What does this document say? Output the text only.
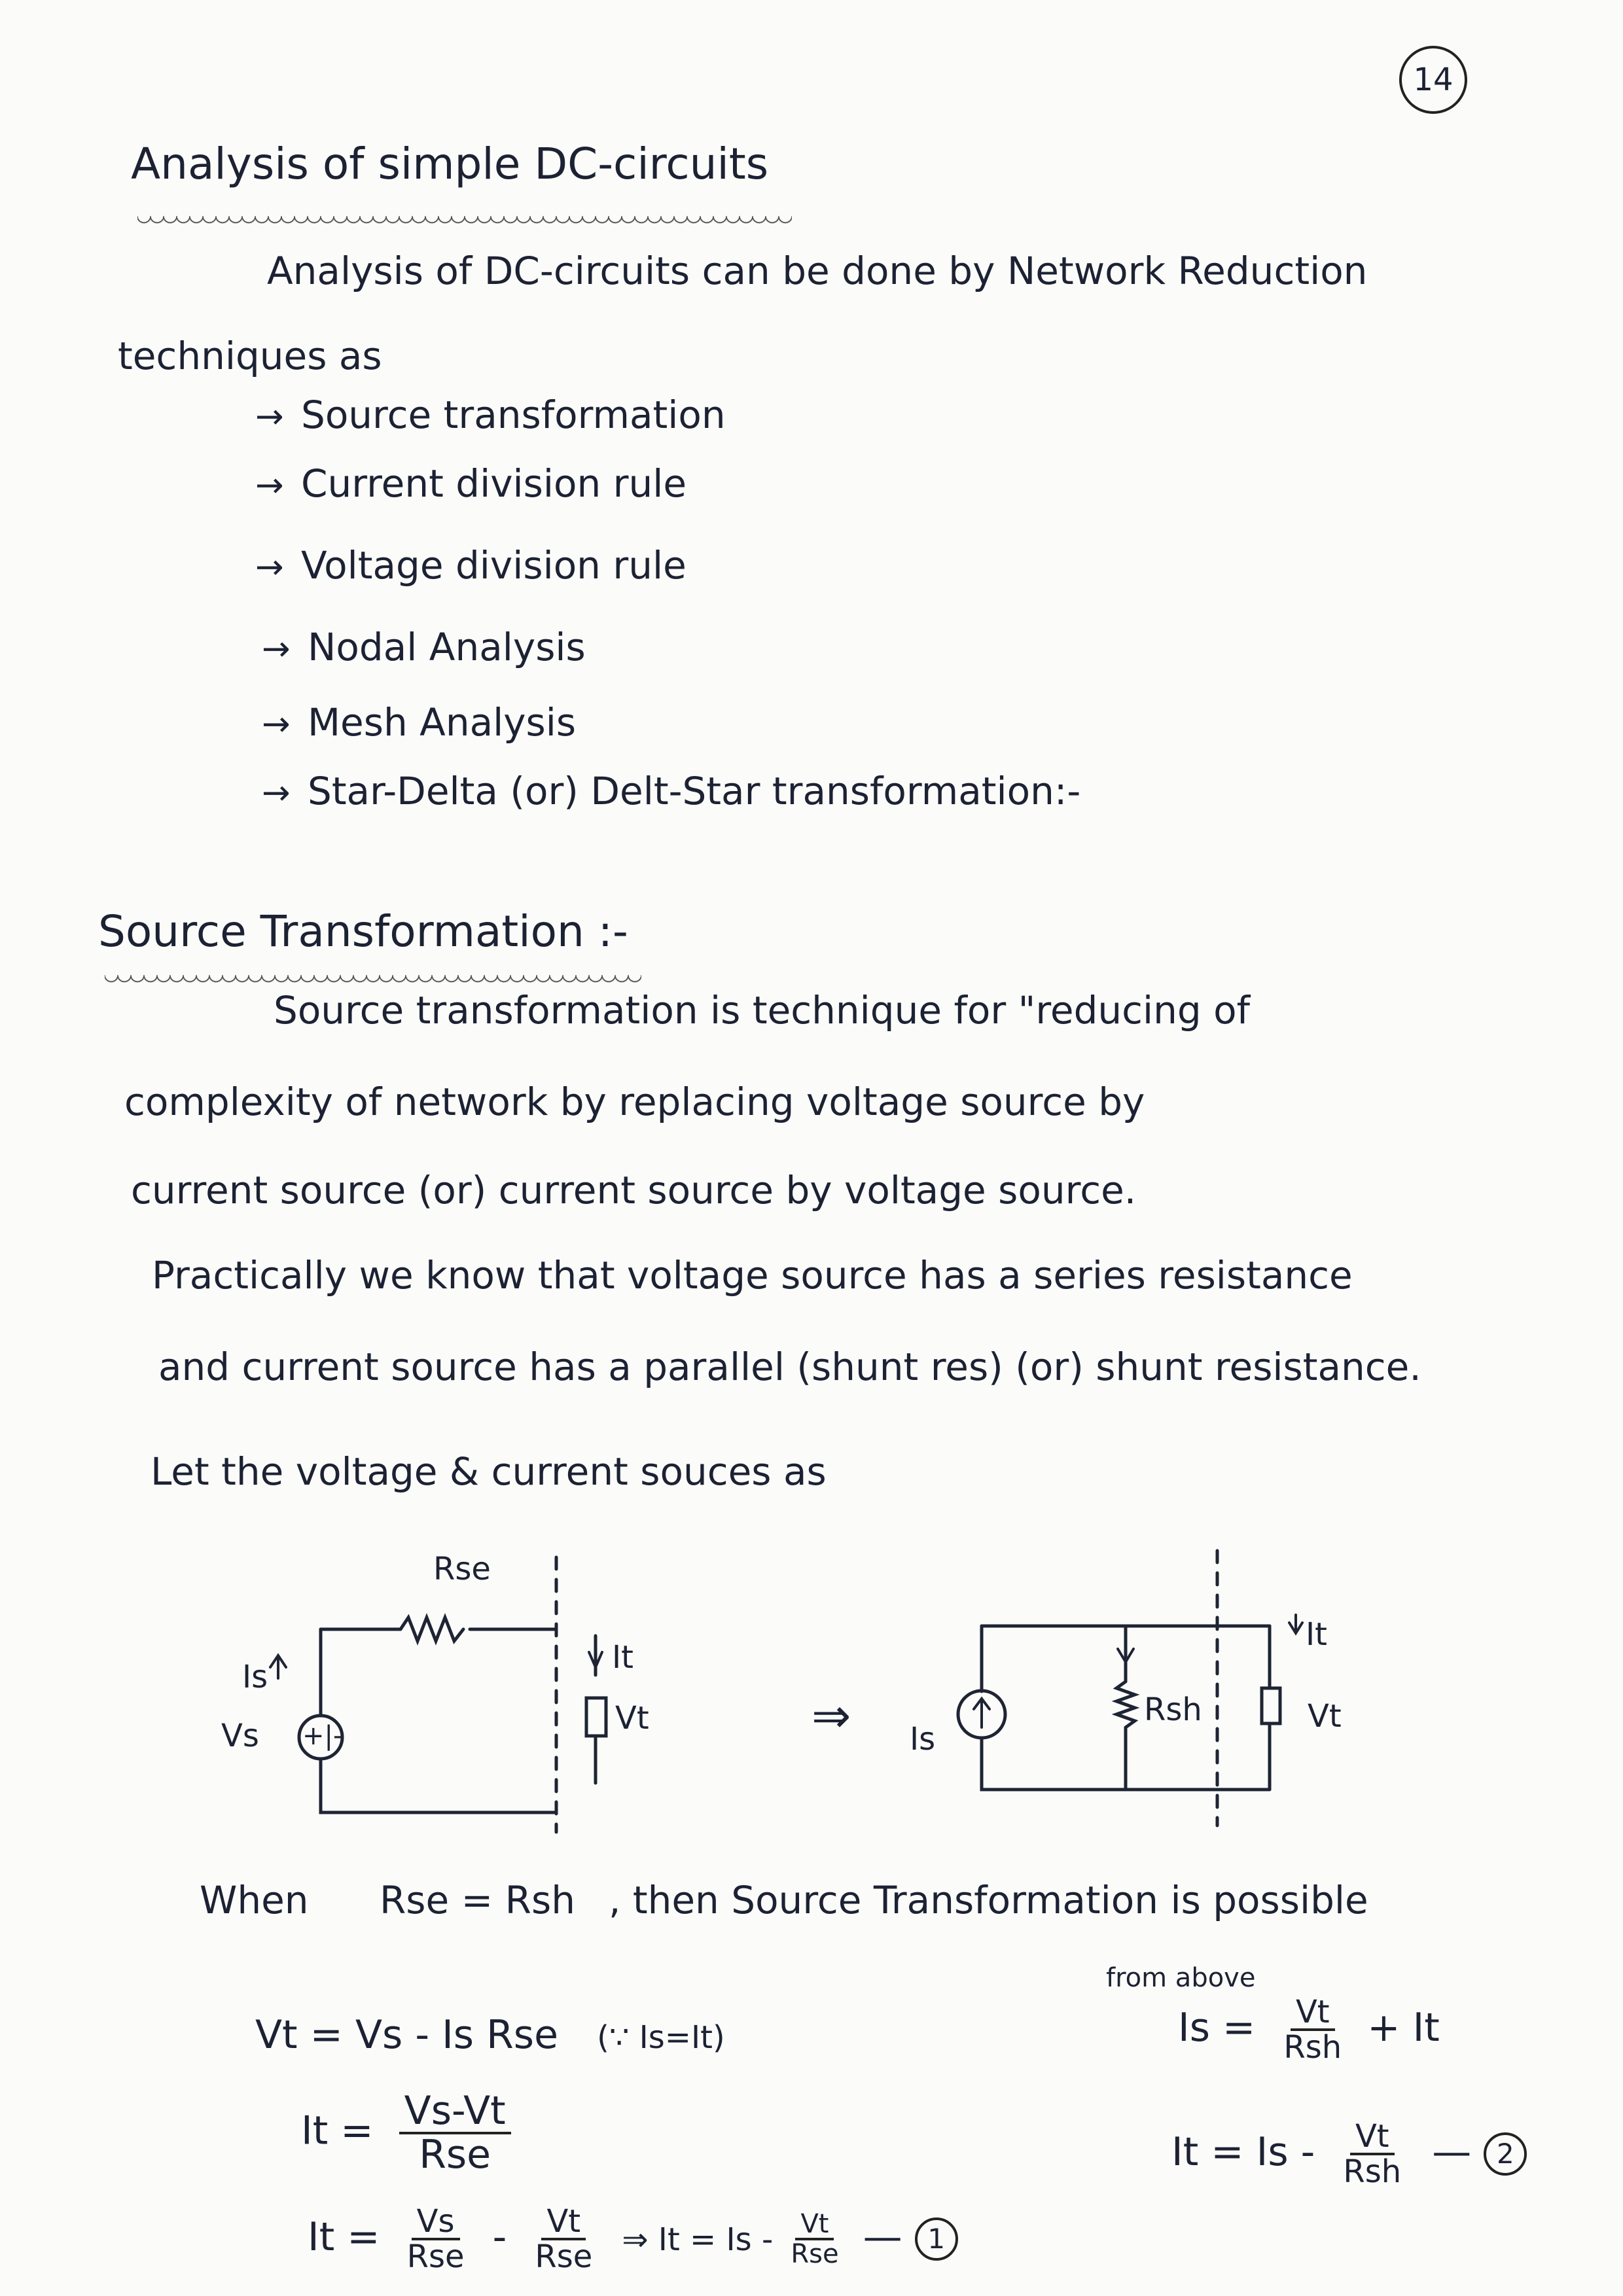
14
Analysis of simple DC-circuits
Analysis of DC-circuits can be done by Network Reduction
techniques as
→ Source transformation
→ Current division rule
→ Voltage division rule
→ Nodal Analysis
→ Mesh Analysis
→ Star-Delta (or) Delt-Star transformation:-
Source Transformation :-
Source transformation is technique for "reducing of
complexity of network by replacing voltage source by
current source (or) current source by voltage source.
Practically we know that voltage source has a series resistance
and current source has a parallel (shunt res) (or) shunt resistance.
Let the voltage & current souces as
Rse
Is
Vs +|-
It
Vt	⇒ Is
Rsh
It
Vt
When Rse = Rsh , then Source Transformation is possible
Vt = Vs - Is Rse (∵ Is=It)
$It = \frac{Vs-Vt}{\text{Rse}}$
$It = \frac{Vs}{\text{Rse}} - \frac{Vt}{\text{Rse}}$ ⇒ $It = Is - \frac{Vt}{\text{Rse}}$ — 1
from above
$Is = \frac{Vt}{\text{Rsh}} + It$
$It = Is - \frac{Vt}{\text{Rsh}}$ — 2
